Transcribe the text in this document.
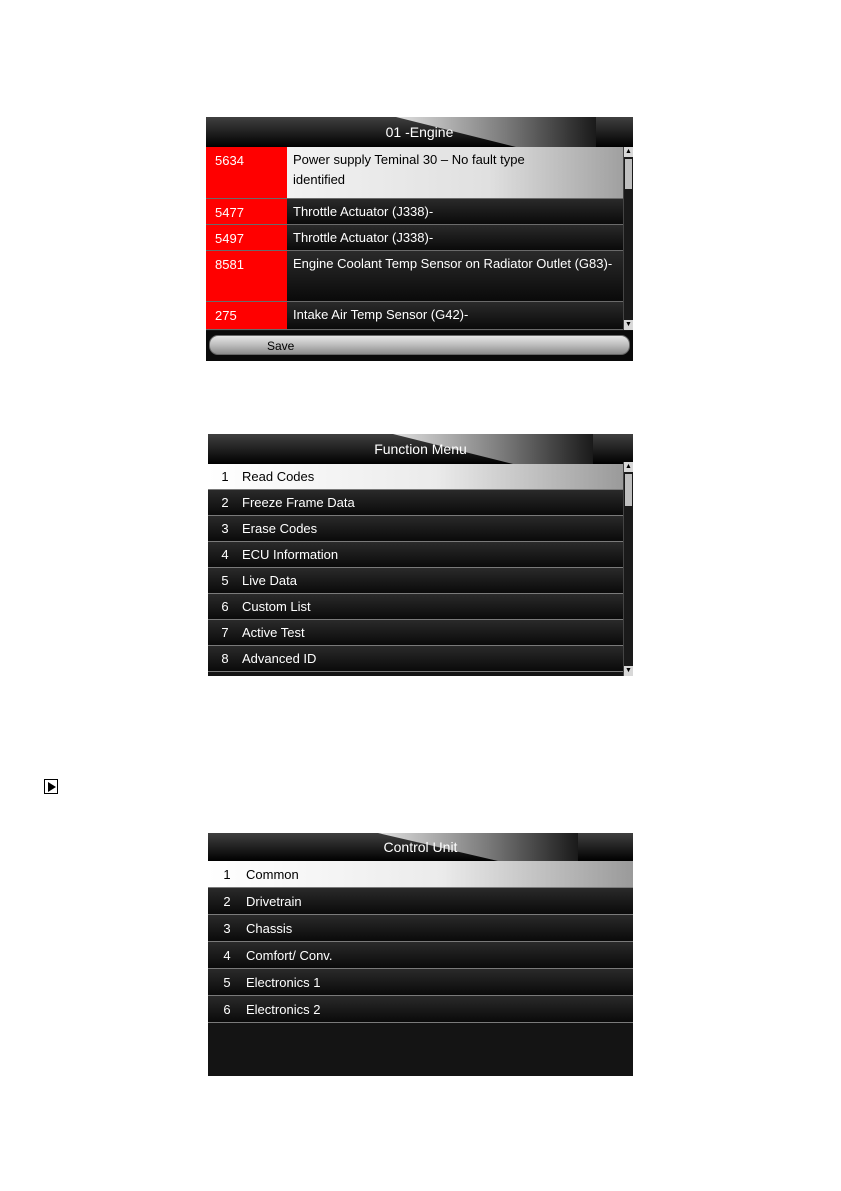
01 -Engine
5634	Power supply Teminal 30 – No fault type
identified
5477	Throttle Actuator (J338)-
5497	Throttle Actuator (J338)-
8581	Engine Coolant Temp Sensor on Radiator Outlet (G83)-
275	Intake Air Temp Sensor (G42)-
▲
▼
Save
Function Menu
1	Read Codes
2	Freeze Frame Data
3	Erase Codes
4	ECU Information
5	Live Data
6	Custom List
7	Active Test
8	Advanced ID
▲
▼
Control Unit
1	Common
2	Drivetrain
3	Chassis
4	Comfort/ Conv.
5	Electronics 1
6	Electronics 2
